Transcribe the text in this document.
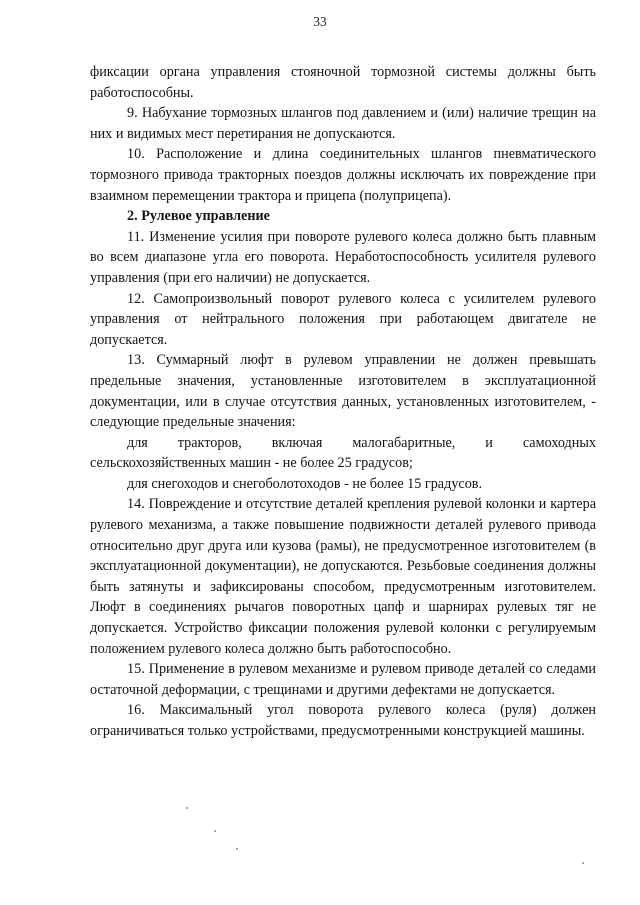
33

фиксации органа управления стояночной тормозной системы должны быть работоспособны.

9. Набухание тормозных шлангов под давлением и (или) наличие трещин на них и видимых мест перетирания не допускаются.

10. Расположение и длина соединительных шлангов пневматического тормозного привода тракторных поездов должны исключать их повреждение при взаимном перемещении трактора и прицепа (полуприцепа).

2. Рулевое управление

11. Изменение усилия при повороте рулевого колеса должно быть плавным во всем диапазоне угла его поворота. Неработоспособность усилителя рулевого управления (при его наличии) не допускается.

12. Самопроизвольный поворот рулевого колеса с усилителем рулевого управления от нейтрального положения при работающем двигателе не допускается.

13. Суммарный люфт в рулевом управлении не должен превышать предельные значения, установленные изготовителем в эксплуатационной документации, или в случае отсутствия данных, установленных изготовителем, - следующие предельные значения:

для тракторов, включая малогабаритные, и самоходных сельскохозяйственных машин - не более 25 градусов;

для снегоходов и снегоболотоходов - не более 15 градусов.

14. Повреждение и отсутствие деталей крепления рулевой колонки и картера рулевого механизма, а также повышение подвижности деталей рулевого привода относительно друг друга или кузова (рамы), не предусмотренное изготовителем (в эксплуатационной документации), не допускаются. Резьбовые соединения должны быть затянуты и зафиксированы способом, предусмотренным изготовителем. Люфт в соединениях рычагов поворотных цапф и шарнирах рулевых тяг не допускается. Устройство фиксации положения рулевой колонки с регулируемым положением рулевого колеса должно быть работоспособно.

15. Применение в рулевом механизме и рулевом приводе деталей со следами остаточной деформации, с трещинами и другими дефектами не допускается.

16. Максимальный угол поворота рулевого колеса (руля) должен ограничиваться только устройствами, предусмотренными конструкцией машины.
